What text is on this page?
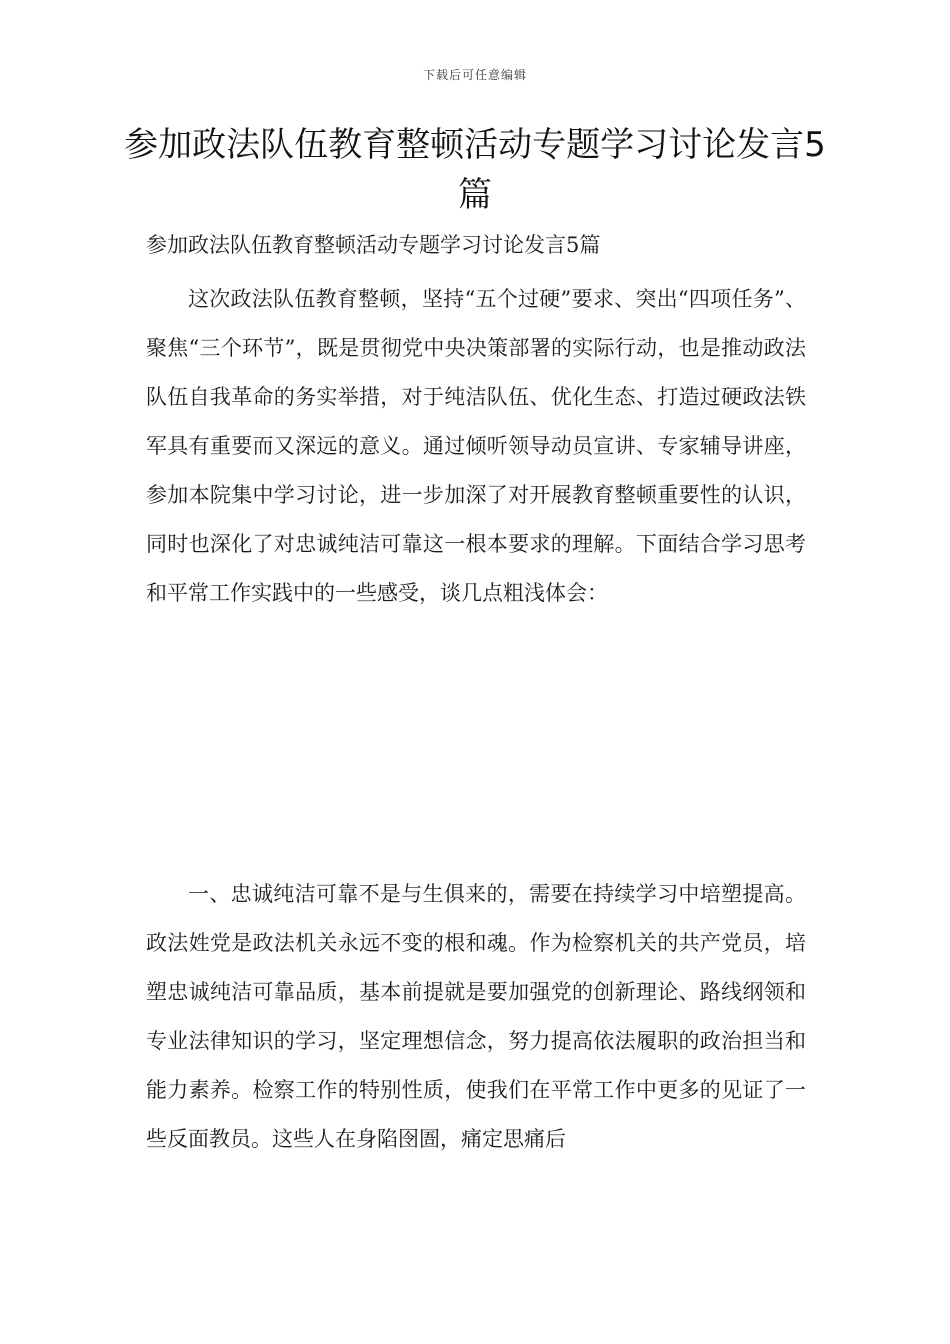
下载后可任意编辑
参加政法队伍教育整顿活动专题学习讨论发言5篇

参加政法队伍教育整顿活动专题学习讨论发言5篇

这次政法队伍教育整顿，坚持“五个过硬”要求、突出“四项任务”、聚焦“三个环节”，既是贯彻党中央决策部署的实际行动，也是推动政法队伍自我革命的务实举措，对于纯洁队伍、优化生态、打造过硬政法铁军具有重要而又深远的意义。通过倾听领导动员宣讲、专家辅导讲座，参加本院集中学习讨论，进一步加深了对开展教育整顿重要性的认识，同时也深化了对忠诚纯洁可靠这一根本要求的理解。下面结合学习思考和平常工作实践中的一些感受，谈几点粗浅体会：

一、忠诚纯洁可靠不是与生俱来的，需要在持续学习中培塑提高。政法姓党是政法机关永远不变的根和魂。作为检察机关的共产党员，培塑忠诚纯洁可靠品质，基本前提就是要加强党的创新理论、路线纲领和专业法律知识的学习，坚定理想信念，努力提高依法履职的政治担当和能力素养。检察工作的特别性质，使我们在平常工作中更多的见证了一些反面教员。这些人在身陷囹圄，痛定思痛后
